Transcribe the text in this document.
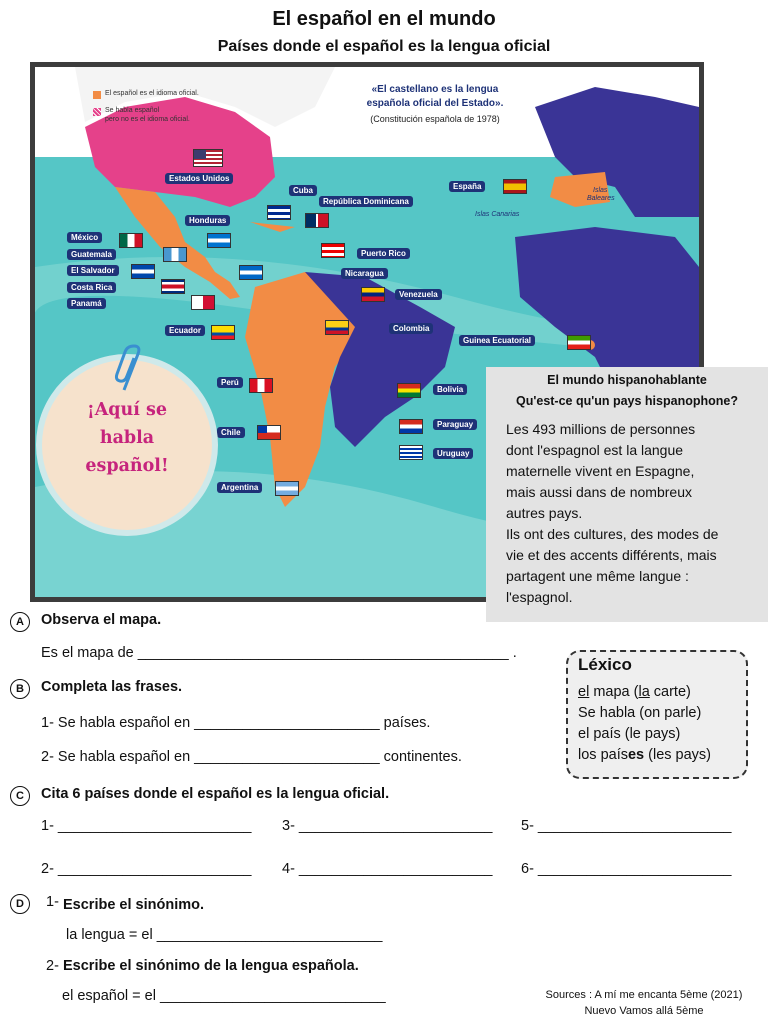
El español en el mundo
Países donde el español es la lengua oficial
El español es el idioma oficial.
Se habla español
pero no es el idioma oficial.
«El castellano es la lengua
española oficial del Estado».
(Constitución española de 1978)
Islas
Baleares
Islas Canarias
Estados Unidos
Cuba
República Dominicana
España
Honduras
México
Guatemala
El Salvador
Costa Rica
Panamá
Puerto Rico
Nicaragua
Venezuela
Ecuador	Colombia
Guinea Ecuatorial
Perú
Bolivia
Chile
Paraguay
Uruguay
Argentina
¡Aquí se
habla
español!
El mundo hispanohablante
Qu'est-ce qu'un pays hispanophone?
Les 493 millions de personnes
dont l'espagnol est la langue
maternelle vivent en Espagne,
mais aussi dans de nombreux
autres pays.
Ils ont des cultures, des modes de
vie et des accents différents, mais
partagent une même langue :
l'espagnol.
A	Observa el mapa.
Es el mapa de ______________________________________________ .
B	Completa las frases.
1- Se habla español en _______________________ países.
2- Se habla español en _______________________ continentes.
Léxico
el mapa (la carte)
Se habla (on parle)
el país (le pays)
los países (les pays)
C	Cita 6 países donde el español es la lengua oficial.
1- ________________________ 3- ________________________ 5- ________________________
2- ________________________ 4- ________________________ 6- ________________________
D	1- Escribe el sinónimo.
la lengua = el ____________________________
2- Escribe el sinónimo de la lengua española.
el español = el ____________________________	Sources : A mí me encanta 5ème (2021)
Nuevo Vamos allá 5ème
